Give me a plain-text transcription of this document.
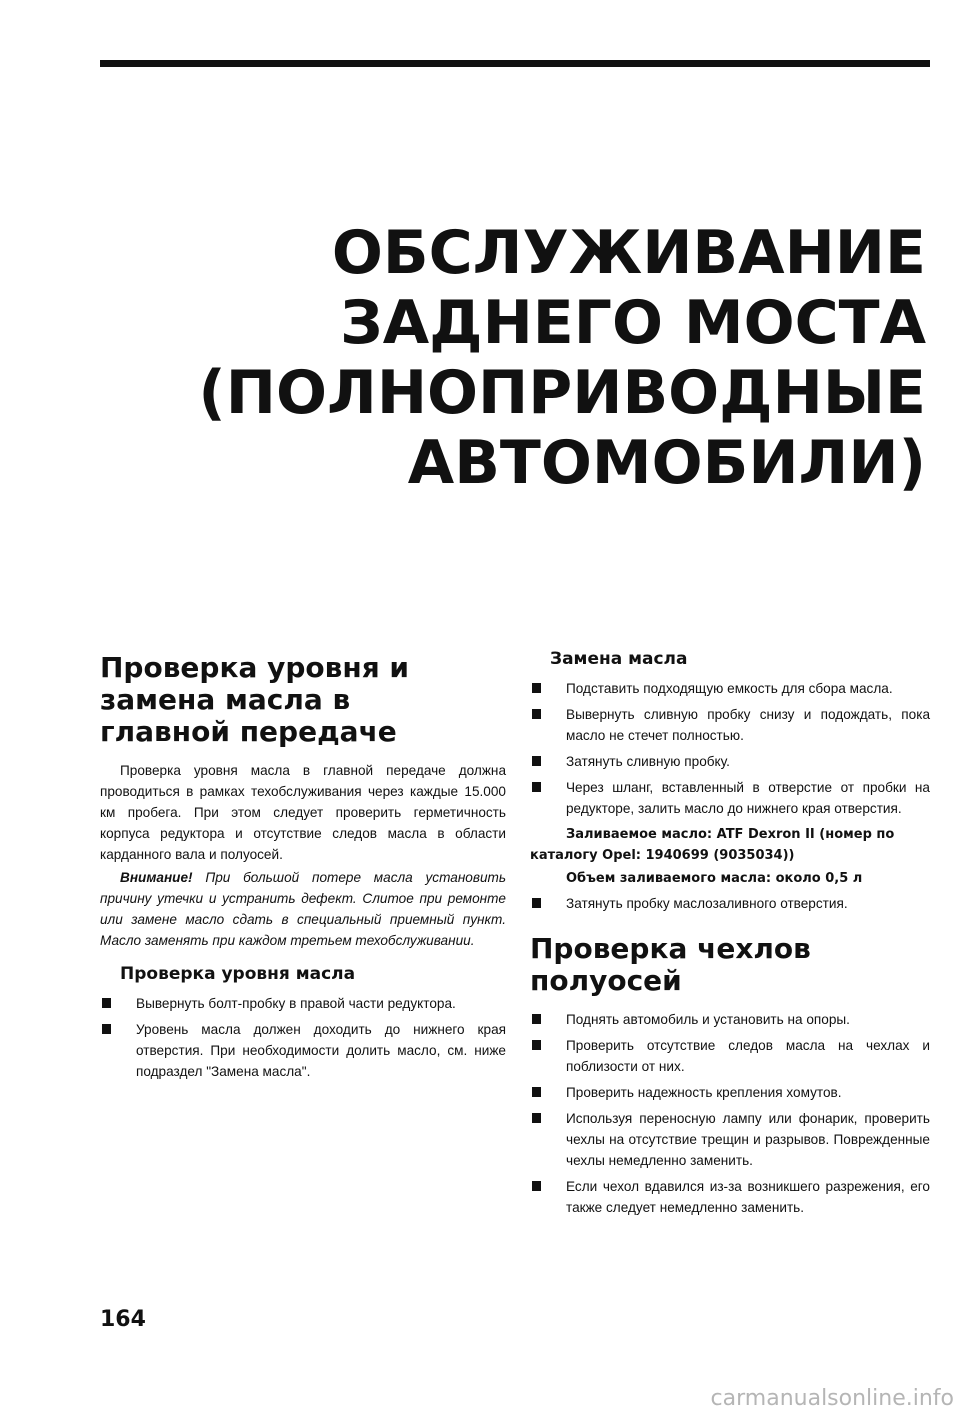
ОБСЛУЖИВАНИЕ
ЗАДНЕГО МОСТА
(ПОЛНОПРИВОДНЫЕ
АВТОМОБИЛИ)
Проверка уровня и
замена масла в
главной передаче

Проверка уровня масла в главной передаче должна проводиться в рамках техобслуживания через каждые 15.000 км пробега. При этом следует проверить герметичность корпуса редуктора и отсутствие следов масла в области карданного вала и полуосей.

Внимание! При большой потере масла установить причину утечки и устранить дефект. Слитое при ремонте или замене масло сдать в специальный приемный пункт. Масло заменять при каждом третьем техобслуживании.

Проверка уровня масла
Вывернуть болт-пробку в правой части редуктора.
Уровень масла должен доходить до нижнего края отверстия. При необходимости долить масло, см. ниже подраздел "Замена масла".
Замена масла
Подставить подходящую емкость для сбора масла.
Вывернуть сливную пробку снизу и подождать, пока масло не стечет полностью.
Затянуть сливную пробку.
Через шланг, вставленный в отверстие от пробки на редукторе, залить масло до нижнего края отверстия.

Заливаемое масло: ATF Dexron II (номер по каталогу Opel: 1940699 (9035034))

Объем заливаемого масла: около 0,5 л

Затянуть пробку маслозаливного отверстия.
Проверка чехлов
полуосей
Поднять автомобиль и установить на опоры.
Проверить отсутствие следов масла на чехлах и поблизости от них.
Проверить надежность крепления хомутов.
Используя переносную лампу или фонарик, проверить чехлы на отсутствие трещин и разрывов. Поврежденные чехлы немедленно заменить.
Если чехол вдавился из-за возникшего разрежения, его также следует немедленно заменить.
164
carmanualsonline.info
